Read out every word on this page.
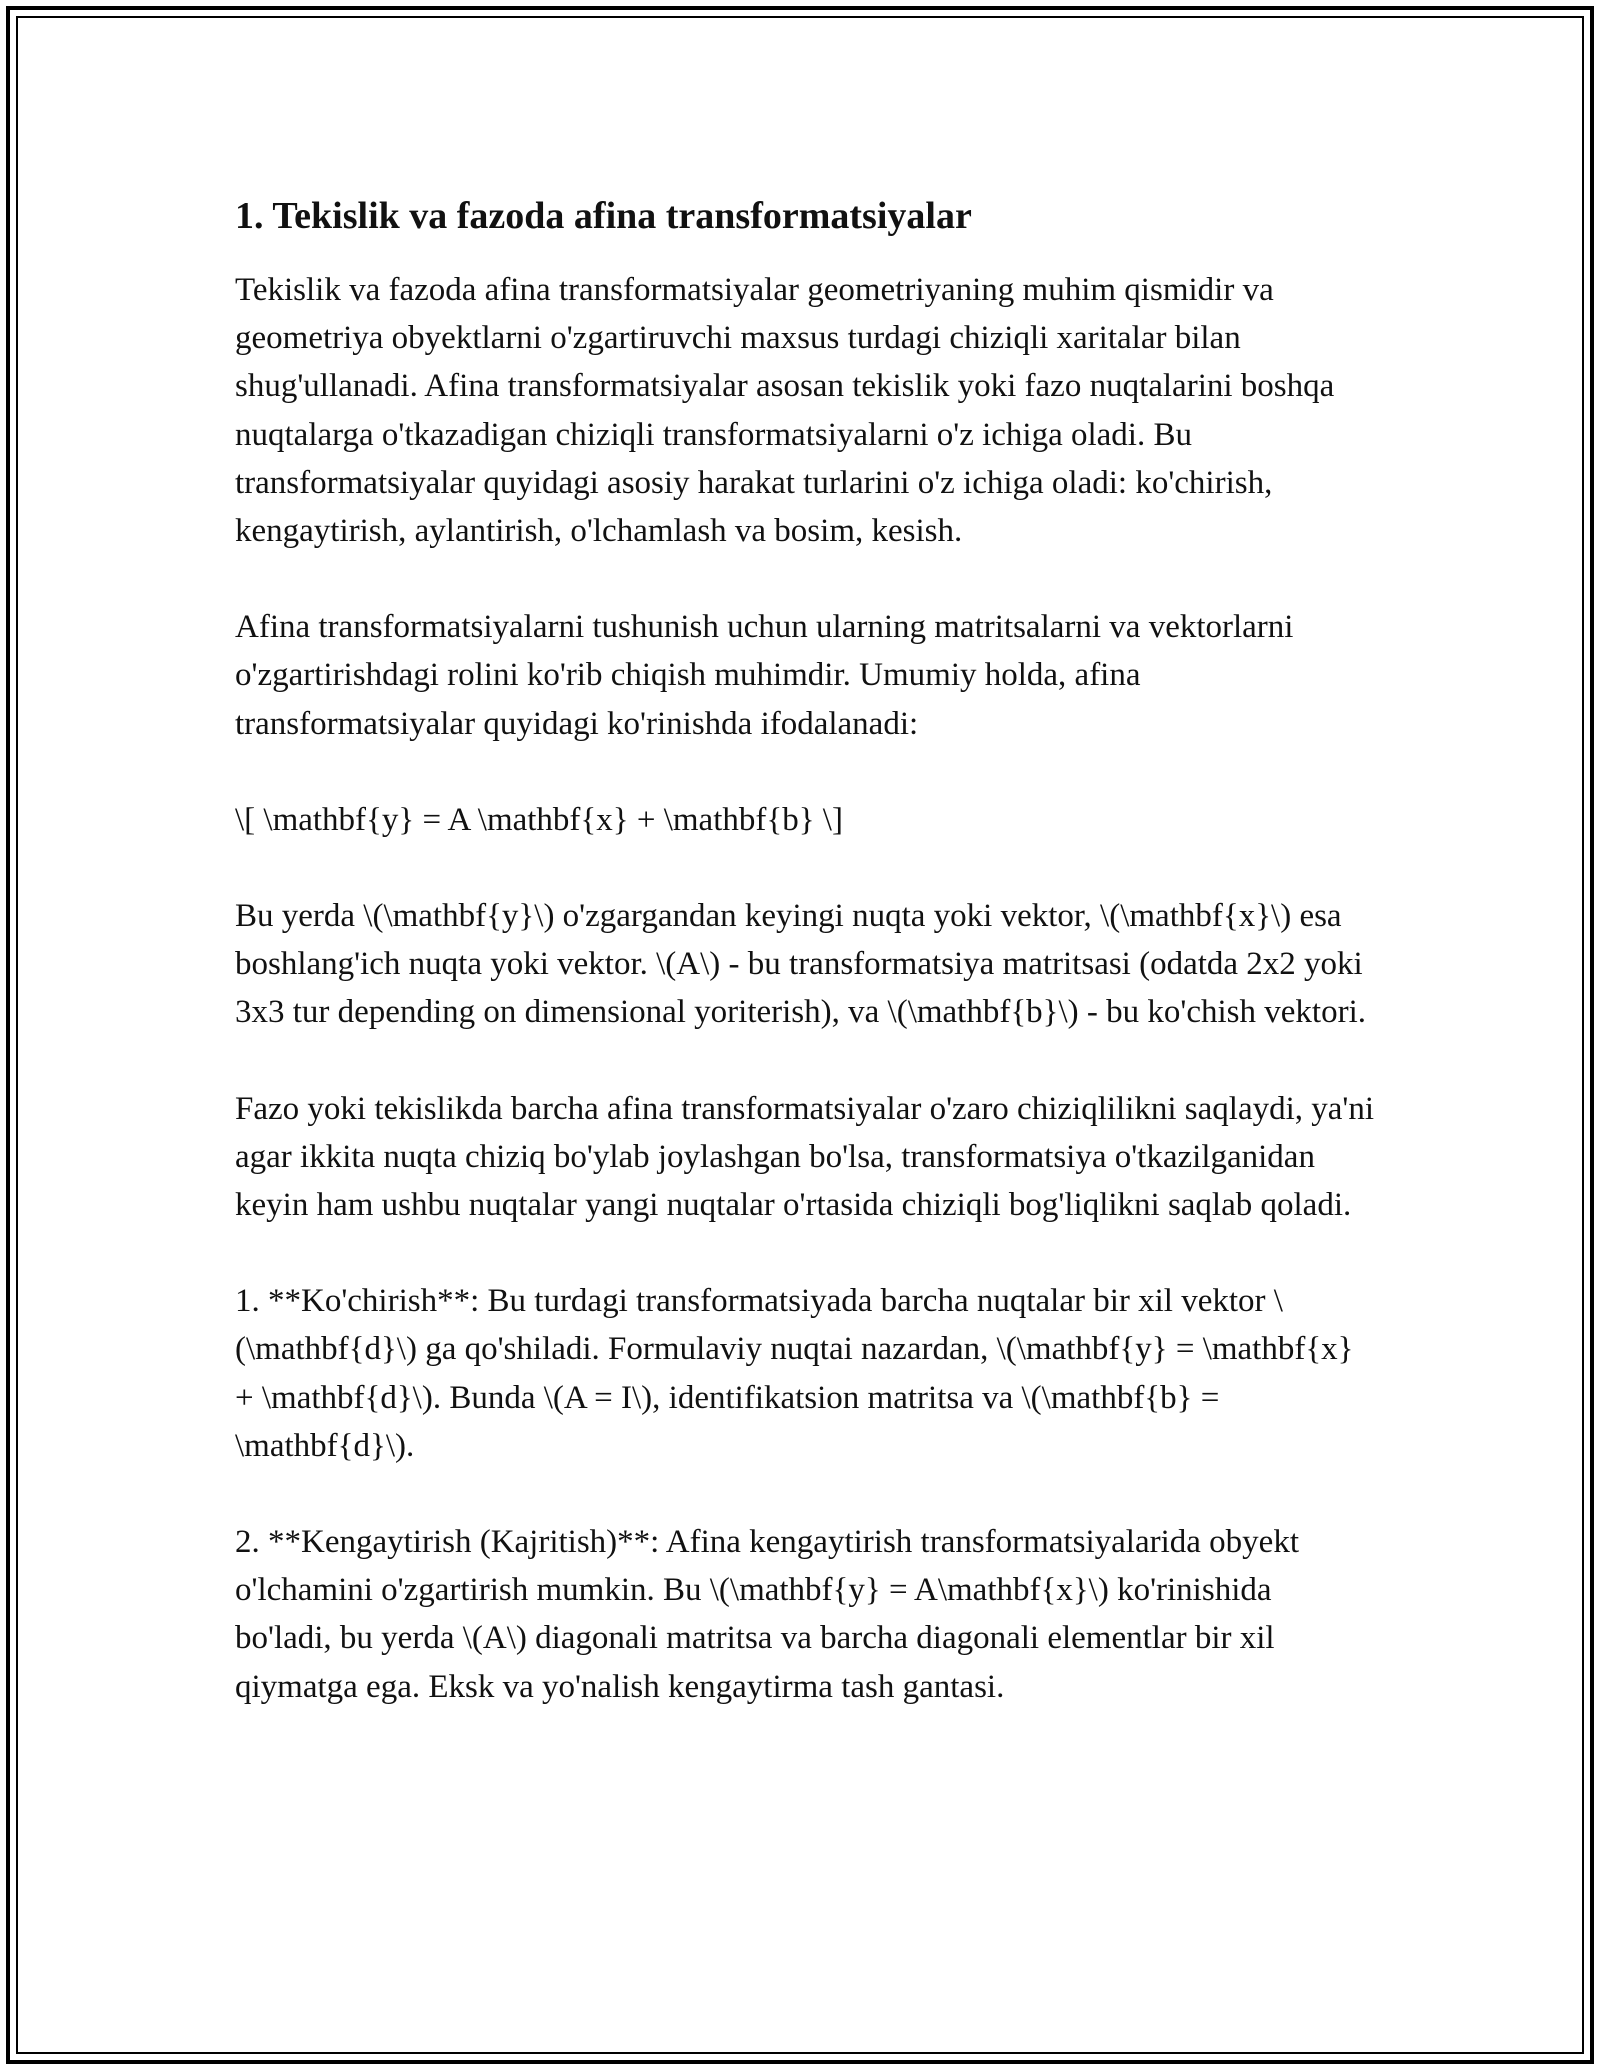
1. Tekislik va fazoda afina transformatsiyalar

Tekislik va fazoda afina transformatsiyalar geometriyaning muhim qismidir va geometriya obyektlarni o'zgartiruvchi maxsus turdagi chiziqli xaritalar bilan shug'ullanadi. Afina transformatsiyalar asosan tekislik yoki fazo nuqtalarini boshqa nuqtalarga o'tkazadigan chiziqli transformatsiyalarni o'z ichiga oladi. Bu transformatsiyalar quyidagi asosiy harakat turlarini o'z ichiga oladi: ko'chirish, kengaytirish, aylantirish, o'lchamlash va bosim, kesish.

Afina transformatsiyalarni tushunish uchun ularning matritsalarni va vektorlarni o'zgartirishdagi rolini ko'rib chiqish muhimdir. Umumiy holda, afina transformatsiyalar quyidagi ko'rinishda ifodalanadi:

\[ \mathbf{y} = A \mathbf{x} + \mathbf{b} \]

Bu yerda \(\mathbf{y}\) o'zgargandan keyingi nuqta yoki vektor, \(\mathbf{x}\) esa boshlang'ich nuqta yoki vektor. \(A\) - bu transformatsiya matritsasi (odatda 2x2 yoki 3x3 tur depending on dimensional yoriterish), va \(\mathbf{b}\) - bu ko'chish vektori.

Fazo yoki tekislikda barcha afina transformatsiyalar o'zaro chiziqlilikni saqlaydi, ya'ni agar ikkita nuqta chiziq bo'ylab joylashgan bo'lsa, transformatsiya o'tkazilganidan keyin ham ushbu nuqtalar yangi nuqtalar o'rtasida chiziqli bog'liqlikni saqlab qoladi.

1. **Ko'chirish**: Bu turdagi transformatsiyada barcha nuqtalar bir xil vektor \(\mathbf{d}\) ga qo'shiladi. Formulaviy nuqtai nazardan, \(\mathbf{y} = \mathbf{x} + \mathbf{d}\). Bunda \(A = I\), identifikatsion matritsa va \(\mathbf{b} = \mathbf{d}\).

2. **Kengaytirish (Kajritish)**: Afina kengaytirish transformatsiyalarida obyekt o'lchamini o'zgartirish mumkin. Bu \(\mathbf{y} = A\mathbf{x}\) ko'rinishida bo'ladi, bu yerda \(A\) diagonali matritsa va barcha diagonali elementlar bir xil qiymatga ega. Eksk va yo'nalish kengaytirma tash gantasi.
